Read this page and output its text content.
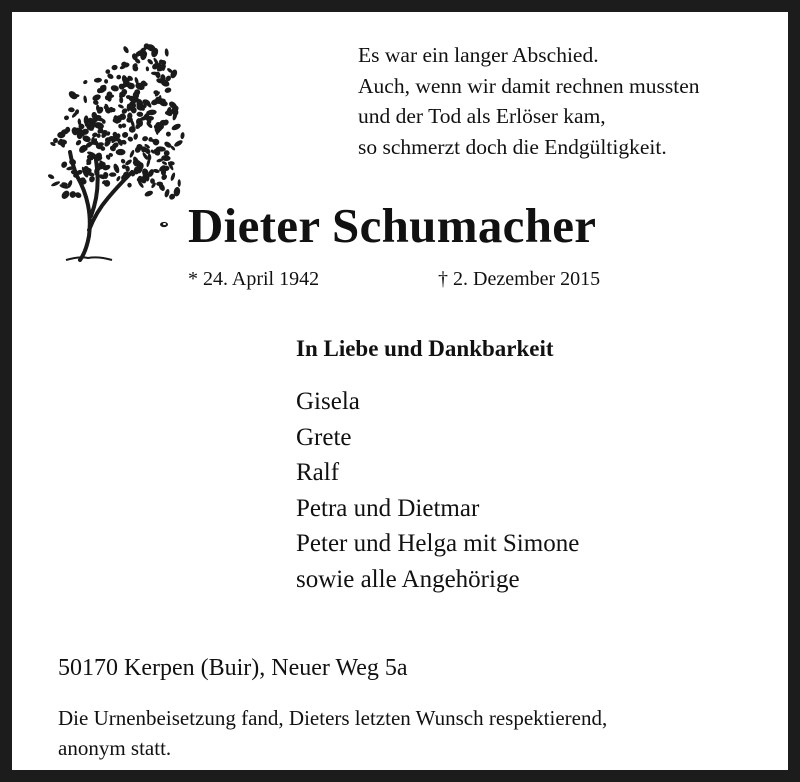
Es war ein langer Abschied.
Auch, wenn wir damit rechnen mussten
und der Tod als Erlöser kam,
so schmerzt doch die Endgültigkeit.
Dieter Schumacher
* 24. April 1942	† 2. Dezember 2015
In Liebe und Dankbarkeit
Gisela
Grete
Ralf
Petra und Dietmar
Peter und Helga mit Simone
sowie alle Angehörige

50170 Kerpen (Buir), Neuer Weg 5a

Die Urnenbeisetzung fand, Dieters letzten Wunsch respektierend,
anonym statt.
